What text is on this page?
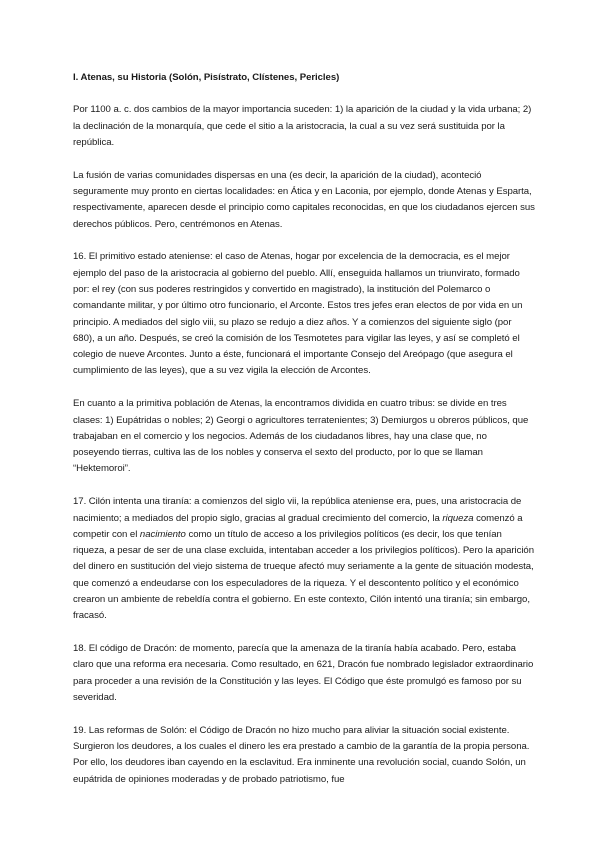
I. Atenas, su Historia (Solón, Pisístrato, Clístenes, Pericles)

Por 1100 a. c. dos cambios de la mayor importancia suceden: 1) la aparición de la ciudad y la vida urbana; 2) la declinación de la monarquía, que cede el sitio a la aristocracia, la cual a su vez será sustituida por la república.

La fusión de varias comunidades dispersas en una (es decir, la aparición de la ciudad), aconteció seguramente muy pronto en ciertas localidades: en Ática y en Laconia, por ejemplo, donde Atenas y Esparta, respectivamente, aparecen desde el principio como capitales reconocidas, en que los ciudadanos ejercen sus derechos públicos. Pero, centrémonos en Atenas.

16. El primitivo estado ateniense: el caso de Atenas, hogar por excelencia de la democracia, es el mejor ejemplo del paso de la aristocracia al gobierno del pueblo. Allí, enseguida hallamos un triunvirato, formado por: el rey (con sus poderes restringidos y convertido en magistrado), la institución del Polemarco o comandante militar, y por último otro funcionario, el Arconte. Estos tres jefes eran electos de por vida en un principio. A mediados del siglo viii, su plazo se redujo a diez años. Y a comienzos del siguiente siglo (por 680), a un año. Después, se creó la comisión de los Tesmotetes para vigilar las leyes, y así se completó el colegio de nueve Arcontes. Junto a éste, funcionará el importante Consejo del Areópago (que asegura el cumplimiento de las leyes), que a su vez vigila la elección de Arcontes.

En cuanto a la primitiva población de Atenas, la encontramos dividida en cuatro tribus: se divide en tres clases: 1) Eupátridas o nobles; 2) Georgi o agricultores terratenientes; 3) Demiurgos u obreros públicos, que trabajaban en el comercio y los negocios. Además de los ciudadanos libres, hay una clase que, no poseyendo tierras, cultiva las de los nobles y conserva el sexto del producto, por lo que se llaman “Hektemoroi”.

17. Cilón intenta una tiranía: a comienzos del siglo vii, la república ateniense era, pues, una aristocracia de nacimiento; a mediados del propio siglo, gracias al gradual crecimiento del comercio, la riqueza comenzó a competir con el nacimiento como un título de acceso a los privilegios políticos (es decir, los que tenían riqueza, a pesar de ser de una clase excluida, intentaban acceder a los privilegios políticos). Pero la aparición del dinero en sustitución del viejo sistema de trueque afectó muy seriamente a la gente de situación modesta, que comenzó a endeudarse con los especuladores de la riqueza. Y el descontento político y el económico crearon un ambiente de rebeldía contra el gobierno. En este contexto, Cilón intentó una tiranía; sin embargo, fracasó.

18. El código de Dracón: de momento, parecía que la amenaza de la tiranía había acabado. Pero, estaba claro que una reforma era necesaria. Como resultado, en 621, Dracón fue nombrado legislador extraordinario para proceder a una revisión de la Constitución y las leyes. El Código que éste promulgó es famoso por su severidad.

19. Las reformas de Solón: el Código de Dracón no hizo mucho para aliviar la situación social existente. Surgieron los deudores, a los cuales el dinero les era prestado a cambio de la garantía de la propia persona. Por ello, los deudores iban cayendo en la esclavitud. Era inminente una revolución social, cuando Solón, un eupátrida de opiniones moderadas y de probado patriotismo, fue
